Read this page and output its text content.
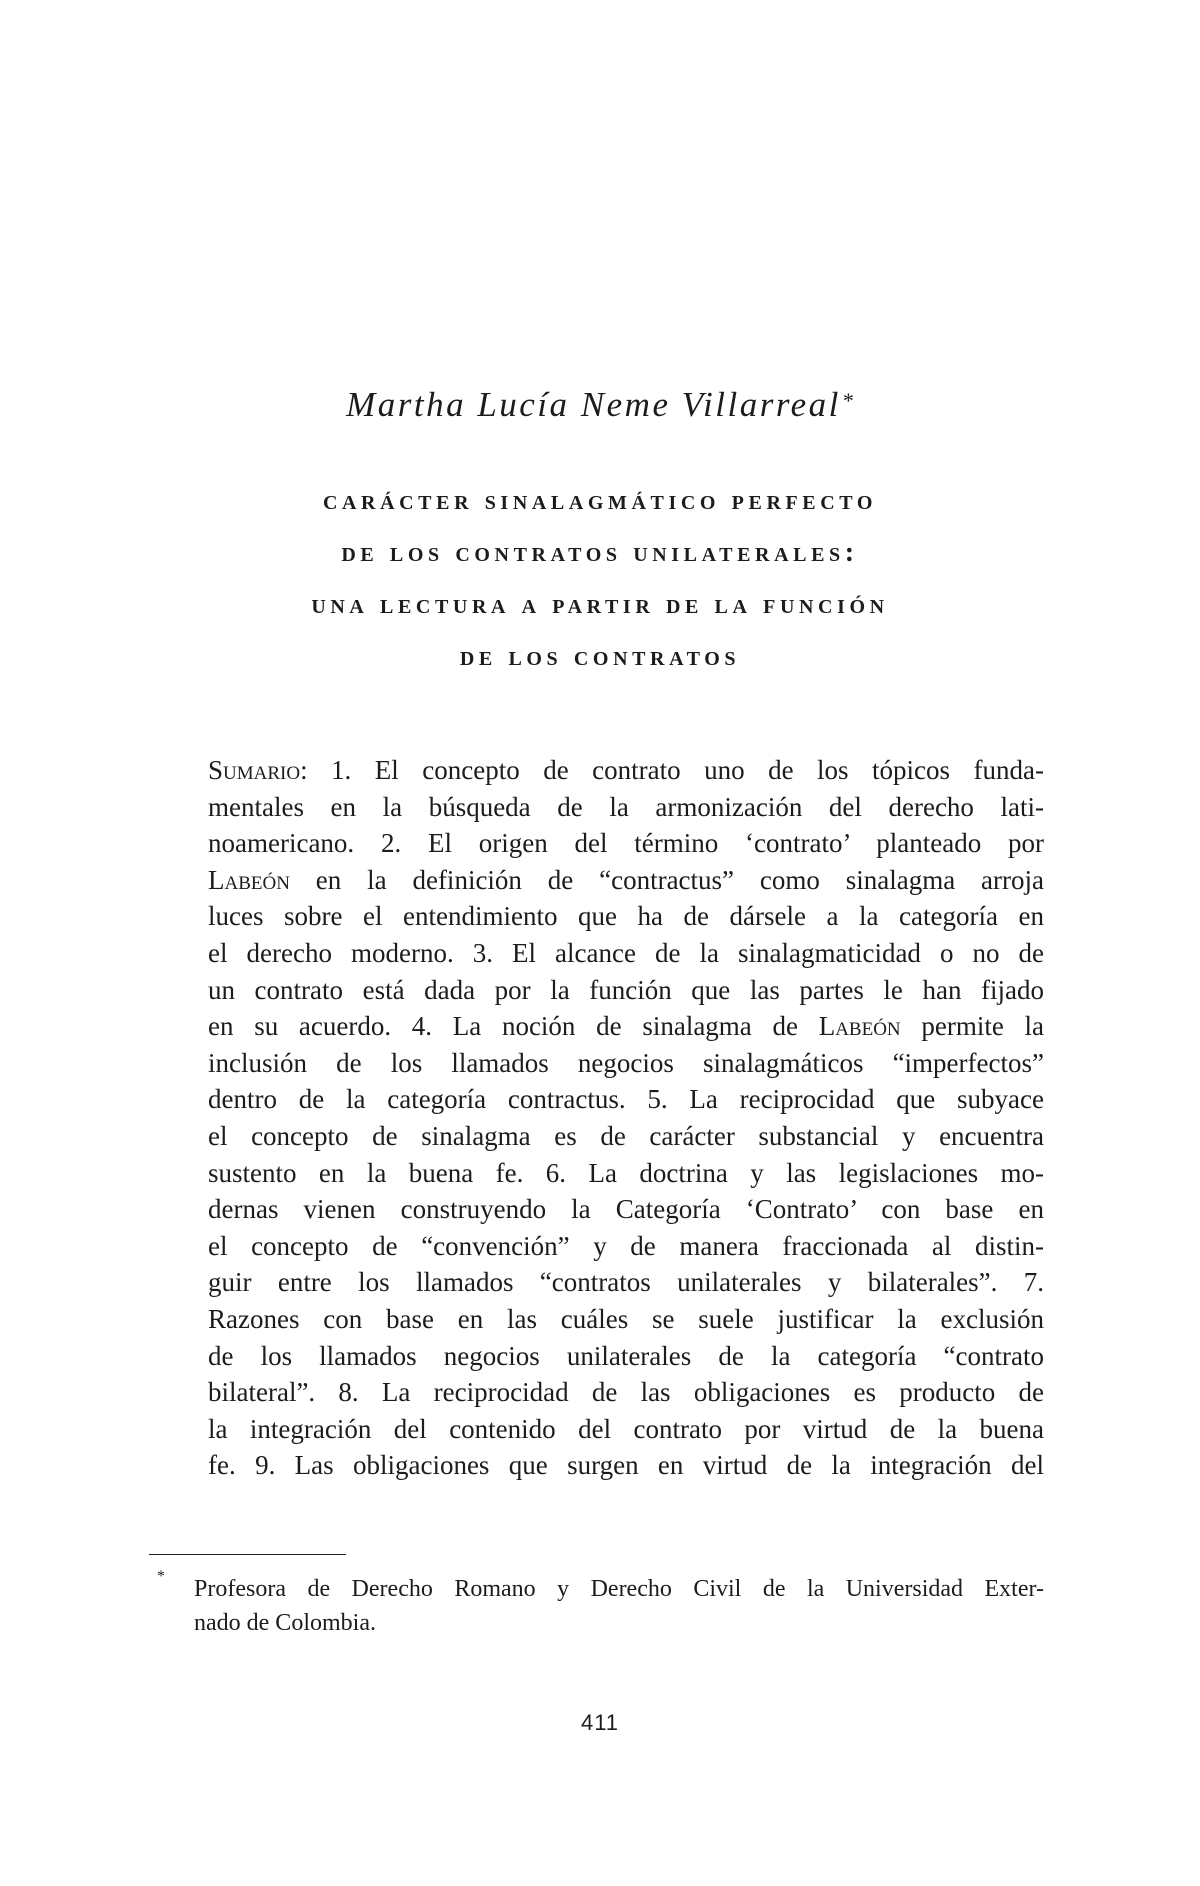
Martha Lucía Neme Villarreal*

carácter sinalagmático perfecto
de los contratos unilaterales:
una lectura a partir de la función
de los contratos
Sumario: 1. El concepto de contrato uno de los tópicos funda-
mentales en la búsqueda de la armonización del derecho lati-
noamericano. 2. El origen del término ‘contrato’ planteado por
Labeón en la definición de “contractus” como sinalagma arroja
luces sobre el entendimiento que ha de dársele a la categoría en
el derecho moderno. 3. El alcance de la sinalagmaticidad o no de
un contrato está dada por la función que las partes le han fijado
en su acuerdo. 4. La noción de sinalagma de Labeón permite la
inclusión de los llamados negocios sinalagmáticos “imperfectos”
dentro de la categoría contractus. 5. La reciprocidad que subyace
el concepto de sinalagma es de carácter substancial y encuentra
sustento en la buena fe. 6. La doctrina y las legislaciones mo-
dernas vienen construyendo la Categoría ‘Contrato’ con base en
el concepto de “convención” y de manera fraccionada al distin-
guir entre los llamados “contratos unilaterales y bilaterales”. 7.
Razones con base en las cuáles se suele justificar la exclusión
de los llamados negocios unilaterales de la categoría “contrato
bilateral”. 8. La reciprocidad de las obligaciones es producto de
la integración del contenido del contrato por virtud de la buena
fe. 9. Las obligaciones que surgen en virtud de la integración del
* Profesora de Derecho Romano y Derecho Civil de la Universidad Exter-
nado de Colombia.
411
